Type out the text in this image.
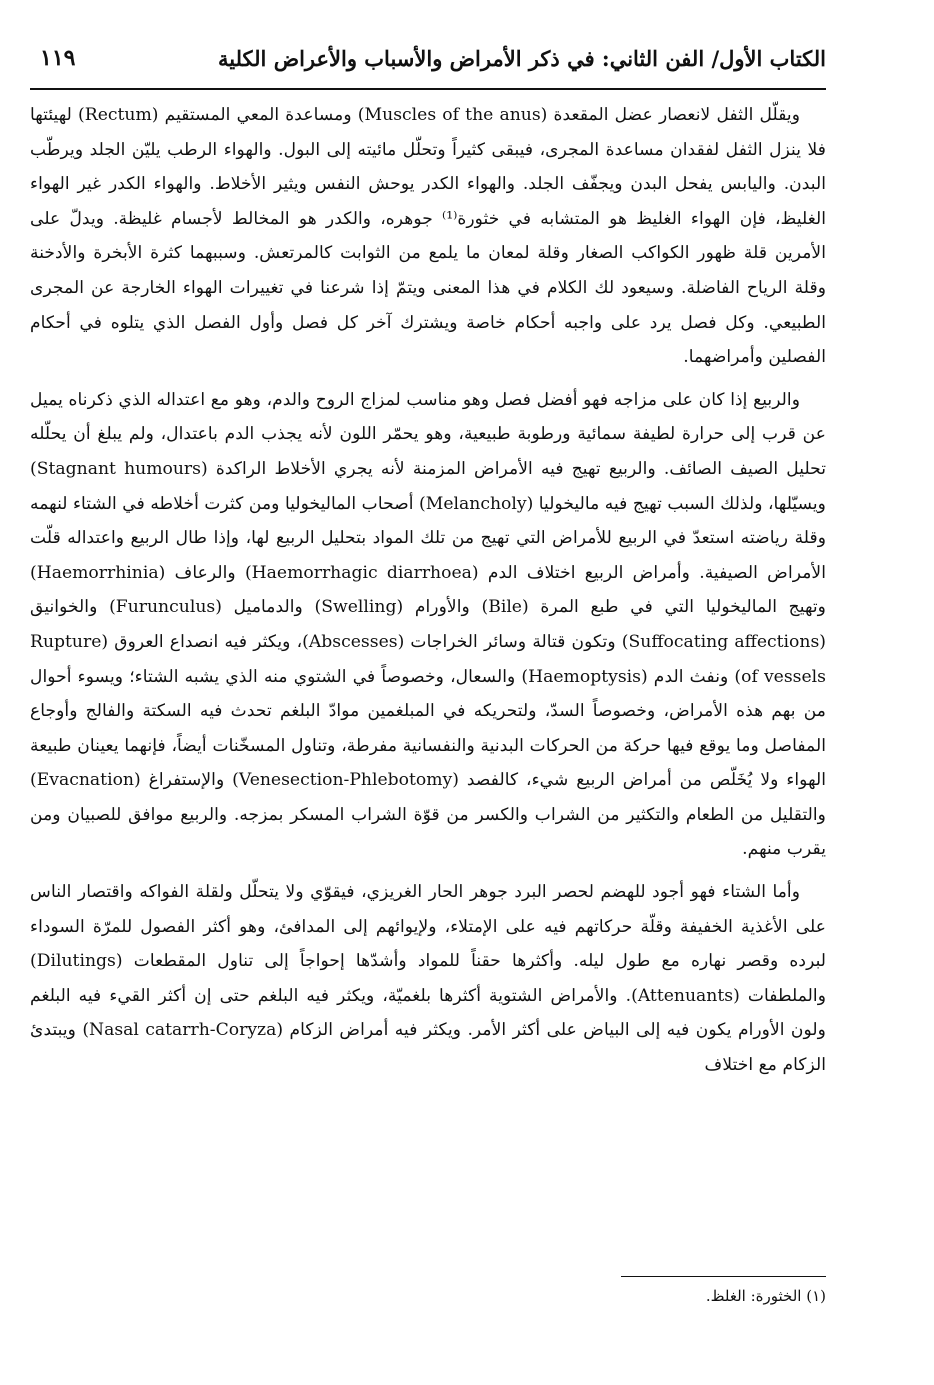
١١٩	الكتاب الأول/ الفن الثاني: في ذكر الأمراض والأسباب والأعراض الكلية

ويقلّل الثفل لانعصار عضل المقعدة (Muscles of the anus) ومساعدة المعي المستقيم (Rectum) لهيئتها فلا ينزل الثفل لفقدان مساعدة المجرى، فيبقى كثيراً وتحلّل مائيته إلى البول. والهواء الرطب يليّن الجلد ويرطّب البدن. واليابس يفحل البدن ويجفّف الجلد. والهواء الكدر يوحش النفس ويثير الأخلاط. والهواء الكدر غير الهواء الغليظ، فإن الهواء الغليظ هو المتشابه في خثورة⁽¹⁾ جوهره، والكدر هو المخالط لأجسام غليظة. ويدلّ على الأمرين قلة ظهور الكواكب الصغار وقلة لمعان ما يلمع من الثوابت كالمرتعش. وسببهما كثرة الأبخرة والأدخنة وقلة الرياح الفاضلة. وسيعود لك الكلام في هذا المعنى ويتمّ إذا شرعنا في تغييرات الهواء الخارجة عن المجرى الطبيعي. وكل فصل يرد على واجبه أحكام خاصة ويشترك آخر كل فصل وأول الفصل الذي يتلوه في أحكام الفصلين وأمراضهما.

والربيع إذا كان على مزاجه فهو أفضل فصل وهو مناسب لمزاج الروح والدم، وهو مع اعتداله الذي ذكرناه يميل عن قرب إلى حرارة لطيفة سمائية ورطوبة طبيعية، وهو يحمّر اللون لأنه يجذب الدم باعتدال، ولم يبلغ أن يحلّله تحليل الصيف الصائف. والربيع تهيج فيه الأمراض المزمنة لأنه يجري الأخلاط الراكدة (Stagnant humours) ويسيّلها، ولذلك السبب تهيج فيه ماليخوليا (Melancholy) أصحاب الماليخوليا ومن كثرت أخلاطه في الشتاء لنهمه وقلة رياضته استعدّ في الربيع للأمراض التي تهيج من تلك المواد بتحليل الربيع لها، وإذا طال الربيع واعتداله قلّت الأمراض الصيفية. وأمراض الربيع اختلاف الدم (Haemorrhagic diarrhoea) والرعاف (Haemorrhinia) وتهيج الماليخوليا التي في طبع المرة (Bile) والأورام (Swelling) والدماميل (Furunculus) والخوانيق (Suffocating affections) وتكون قتالة وسائر الخراجات (Abscesses)، ويكثر فيه انصداع العروق (Rupture of vessels) ونفث الدم (Haemoptysis) والسعال، وخصوصاً في الشتوي منه الذي يشبه الشتاء؛ ويسوء أحوال من بهم هذه الأمراض، وخصوصاً السدّ، ولتحريكه في المبلغمين موادّ البلغم تحدث فيه السكتة والفالج وأوجاع المفاصل وما يوقع فيها حركة من الحركات البدنية والنفسانية مفرطة، وتناول المسخّنات أيضاً، فإنهما يعينان طبيعة الهواء ولا يُخَلّص من أمراض الربيع شيء، كالفصد (Venesection-Phlebotomy) والإستفراغ (Evacnation) والتقليل من الطعام والتكثير من الشراب والكسر من قوّة الشراب المسكر بمزجه. والربيع موافق للصبيان ومن يقرب منهم.

وأما الشتاء فهو أجود للهضم لحصر البرد جوهر الحار الغريزي، فيقوّي ولا يتحلّل ولقلة الفواكه واقتصار الناس على الأغذية الخفيفة وقلّة حركاتهم فيه على الإمتلاء، ولإيوائهم إلى المدافئ، وهو أكثر الفصول للمرّة السوداء لبرده وقصر نهاره مع طول ليله. وأكثرها حقناً للمواد وأشدّها إحواجاً إلى تناول المقطعات (Dilutings) والملطفات (Attenuants). والأمراض الشتوية أكثرها بلغميّة، ويكثر فيه البلغم حتى إن أكثر القيء فيه البلغم ولون الأورام يكون فيه إلى البياض على أكثر الأمر. ويكثر فيه أمراض الزكام (Nasal catarrh-Coryza) ويبتدئ الزكام مع اختلاف

(١) الخثورة: الغلظ.
